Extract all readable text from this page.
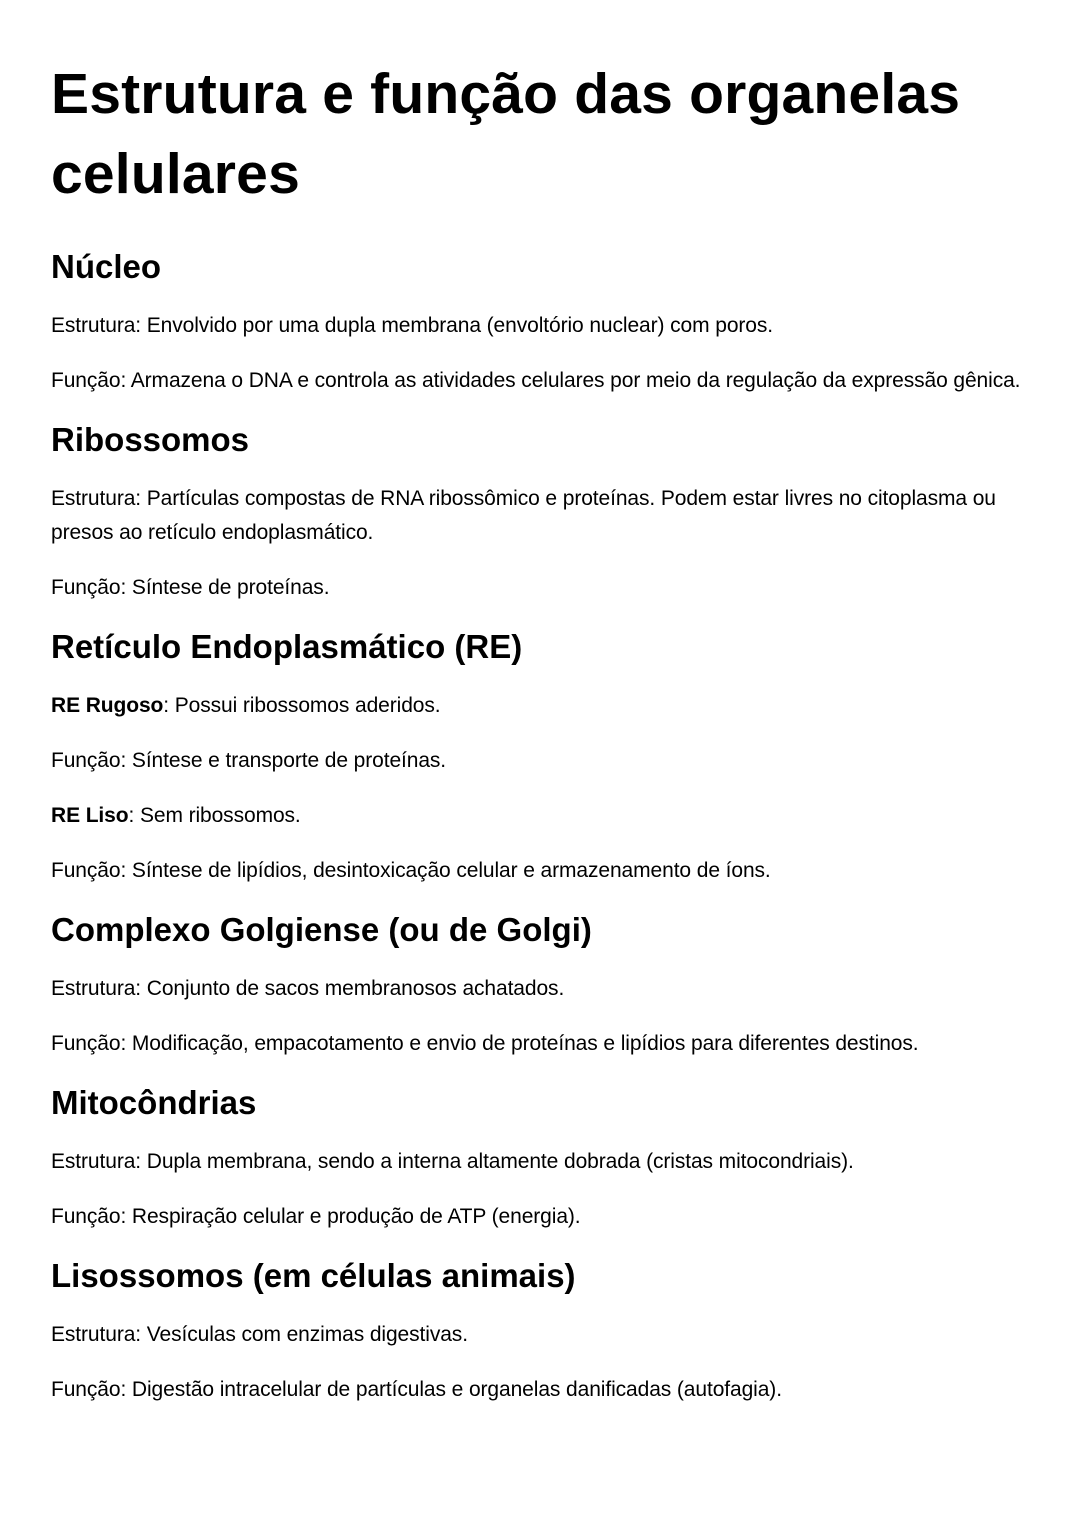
Estrutura e função das organelas celulares
Núcleo

Estrutura: Envolvido por uma dupla membrana (envoltório nuclear) com poros.

Função: Armazena o DNA e controla as atividades celulares por meio da regulação da expressão gênica.

Ribossomos

Estrutura: Partículas compostas de RNA ribossômico e proteínas. Podem estar livres no citoplasma ou presos ao retículo endoplasmático.

Função: Síntese de proteínas.

Retículo Endoplasmático (RE)

RE Rugoso: Possui ribossomos aderidos.

Função: Síntese e transporte de proteínas.

RE Liso: Sem ribossomos.

Função: Síntese de lipídios, desintoxicação celular e armazenamento de íons.

Complexo Golgiense (ou de Golgi)

Estrutura: Conjunto de sacos membranosos achatados.

Função: Modificação, empacotamento e envio de proteínas e lipídios para diferentes destinos.

Mitocôndrias

Estrutura: Dupla membrana, sendo a interna altamente dobrada (cristas mitocondriais).

Função: Respiração celular e produção de ATP (energia).

Lisossomos (em células animais)

Estrutura: Vesículas com enzimas digestivas.

Função: Digestão intracelular de partículas e organelas danificadas (autofagia).
